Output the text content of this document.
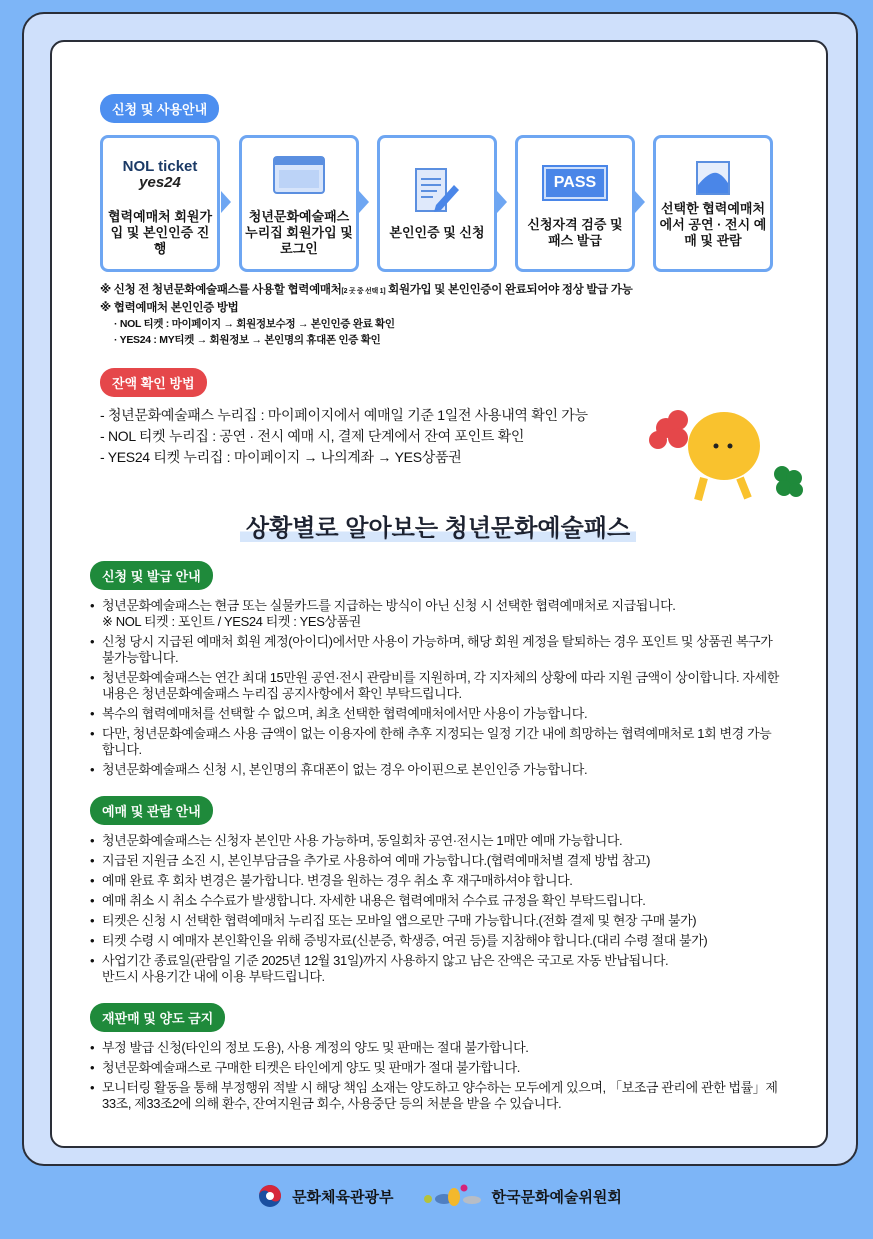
신청 및 사용안내
NOL ticket
yes24
협력예매처 회원가입 및 본인인증 진행
청년문화예술패스 누리집 회원가입 및 로그인
본인인증 및 신청
PASS
신청자격 검증 및 패스 발급
선택한 협력예매처에서 공연 · 전시 예매 및 관람
※ 신청 전 청년문화예술패스를 사용할 협력예매처[2 곳 중 선택 1] 회원가입 및 본인인증이 완료되어야 정상 발급 가능
※ 협력예매처 본인인증 방법
· NOL 티켓 : 마이페이지 → 회원정보수정 → 본인인증 완료 확인
· YES24 : MY티켓 → 회원정보 → 본인명의 휴대폰 인증 확인
잔액 확인 방법
- 청년문화예술패스 누리집 : 마이페이지에서 예매일 기준 1일전 사용내역 확인 가능
- NOL 티켓 누리집 : 공연 · 전시 예매 시, 결제 단계에서 잔여 포인트 확인
- YES24 티켓 누리집 : 마이페이지 → 나의계좌 → YES상품권
상황별로 알아보는 청년문화예술패스
신청 및 발급 안내
• 청년문화예술패스는 현금 또는 실물카드를 지급하는 방식이 아닌 신청 시 선택한 협력예매처로 지급됩니다.
※ NOL 티켓 : 포인트 / YES24 티켓 : YES상품권
• 신청 당시 지급된 예매처 회원 계정(아이디)에서만 사용이 가능하며, 해당 회원 계정을 탈퇴하는 경우 포인트 및 상품권 복구가 불가능합니다.
• 청년문화예술패스는 연간 최대 15만원 공연·전시 관람비를 지원하며, 각 지자체의 상황에 따라 지원 금액이 상이합니다. 자세한 내용은 청년문화예술패스 누리집 공지사항에서 확인 부탁드립니다.
• 복수의 협력예매처를 선택할 수 없으며, 최초 선택한 협력예매처에서만 사용이 가능합니다.
• 다만, 청년문화예술패스 사용 금액이 없는 이용자에 한해 추후 지정되는 일정 기간 내에 희망하는 협력예매처로 1회 변경 가능합니다.
• 청년문화예술패스 신청 시, 본인명의 휴대폰이 없는 경우 아이핀으로 본인인증 가능합니다.
예매 및 관람 안내
• 청년문화예술패스는 신청자 본인만 사용 가능하며, 동일회차 공연·전시는 1매만 예매 가능합니다.
• 지급된 지원금 소진 시, 본인부담금을 추가로 사용하여 예매 가능합니다.(협력예매처별 결제 방법 참고)
• 예매 완료 후 회차 변경은 불가합니다. 변경을 원하는 경우 취소 후 재구매하셔야 합니다.
• 예매 취소 시 취소 수수료가 발생합니다. 자세한 내용은 협력예매처 수수료 규정을 확인 부탁드립니다.
• 티켓은 신청 시 선택한 협력예매처 누리집 또는 모바일 앱으로만 구매 가능합니다.(전화 결제 및 현장 구매 불가)
• 티켓 수령 시 예매자 본인확인을 위해 증빙자료(신분증, 학생증, 여권 등)를 지참해야 합니다.(대리 수령 절대 불가)
• 사업기간 종료일(관람일 기준 2025년 12월 31일)까지 사용하지 않고 남은 잔액은 국고로 자동 반납됩니다.
반드시 사용기간 내에 이용 부탁드립니다.
재판매 및 양도 금지
• 부정 발급 신청(타인의 정보 도용), 사용 계정의 양도 및 판매는 절대 불가합니다.
• 청년문화예술패스로 구매한 티켓은 타인에게 양도 및 판매가 절대 불가합니다.
• 모니터링 활동을 통해 부정행위 적발 시 해당 책임 소재는 양도하고 양수하는 모두에게 있으며, 「보조금 관리에 관한 법률」제33조, 제33조2에 의해 환수, 잔여지원금 회수, 사용중단 등의 처분을 받을 수 있습니다.
문화체육관광부	한국문화예술위원회
